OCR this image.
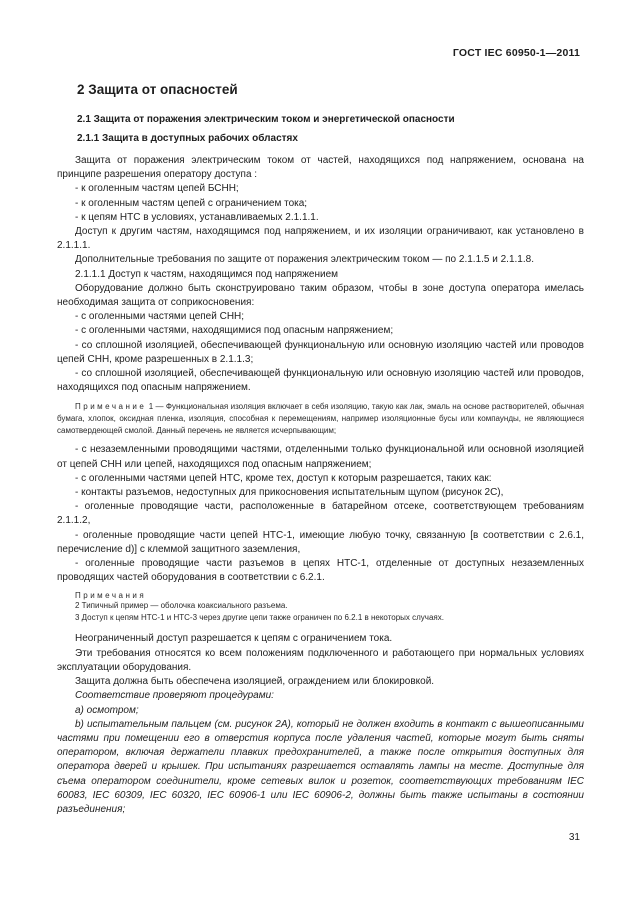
ГОСТ IEC 60950-1—2011
2 Защита от опасностей
2.1 Защита от поражения электрическим током и энергетической опасности
2.1.1 Защита в доступных рабочих областях
Защита от поражения электрическим током от частей, находящихся под напряжением, основана на принципе разрешения оператору доступа :
- к оголенным частям цепей БСНН;
- к оголенным частям цепей с ограничением тока;
- к цепям НТС в условиях, устанавливаемых 2.1.1.1.
Доступ к другим частям, находящимся под напряжением, и их изоляции ограничивают, как установлено в 2.1.1.1.
Дополнительные требования по защите от поражения электрическим током — по 2.1.1.5 и 2.1.1.8.
2.1.1.1 Доступ к частям, находящимся под напряжением
Оборудование должно быть сконструировано таким образом, чтобы в зоне доступа оператора имелась необходимая защита от соприкосновения:
- с оголенными частями цепей СНН;
- с оголенными частями, находящимися под опасным напряжением;
- со сплошной изоляцией, обеспечивающей функциональную или основную изоляцию частей или проводов цепей СНН, кроме разрешенных в 2.1.1.3;
- со сплошной изоляцией, обеспечивающей функциональную или основную изоляцию частей или проводов, находящихся под опасным напряжением.
Примечание 1 — Функциональная изоляция включает в себя изоляцию, такую как лак, эмаль на основе растворителей, обычная бумага, хлопок, оксидная пленка, изоляция, способная к перемещениям, например изоляционные бусы или компаунды, не являющиеся самотвердеющей смолой. Данный перечень не является исчерпывающим;
- с незаземленными проводящими частями, отделенными только функциональной или основной изоляцией от цепей СНН или цепей, находящихся под опасным напряжением;
- с оголенными частями цепей НТС, кроме тех, доступ к которым разрешается, таких как:
- контакты разъемов, недоступных для прикосновения испытательным щупом (рисунок 2С),
- оголенные проводящие части, расположенные в батарейном отсеке, соответствующем требованиям 2.1.1.2,
- оголенные проводящие части цепей НТС-1, имеющие любую точку, связанную [в соответствии с 2.6.1, перечисление d)] с клеммой защитного заземления,
- оголенные проводящие части разъемов в цепях НТС-1, отделенные от доступных незаземленных проводящих частей оборудования в соответствии с 6.2.1.
Примечания
2 Типичный пример — оболочка коаксиального разъема.
3 Доступ к цепям НТС-1 и НТС-3 через другие цепи также ограничен по 6.2.1 в некоторых случаях.
Неограниченный доступ разрешается к цепям с ограничением тока.
Эти требования относятся ко всем положениям подключенного и работающего при нормальных условиях эксплуатации оборудования.
Защита должна быть обеспечена изоляцией, ограждением или блокировкой.
Соответствие проверяют процедурами:
а) осмотром;
b) испытательным пальцем (см. рисунок 2А), который не должен входить в контакт с вышеописанными частями при помещении его в отверстия корпуса после удаления частей, которые могут быть сняты оператором, включая держатели плавких предохранителей, а также после открытия доступных для оператора дверей и крышек. При испытаниях разрешается оставлять лампы на месте. Доступные для съема оператором соединители, кроме сетевых вилок и розеток, соответствующих требованиям IEC 60083, IEC 60309, IEC 60320, IEC 60906-1 или IEC 60906-2, должны быть также испытаны в состоянии разъединения;
31
